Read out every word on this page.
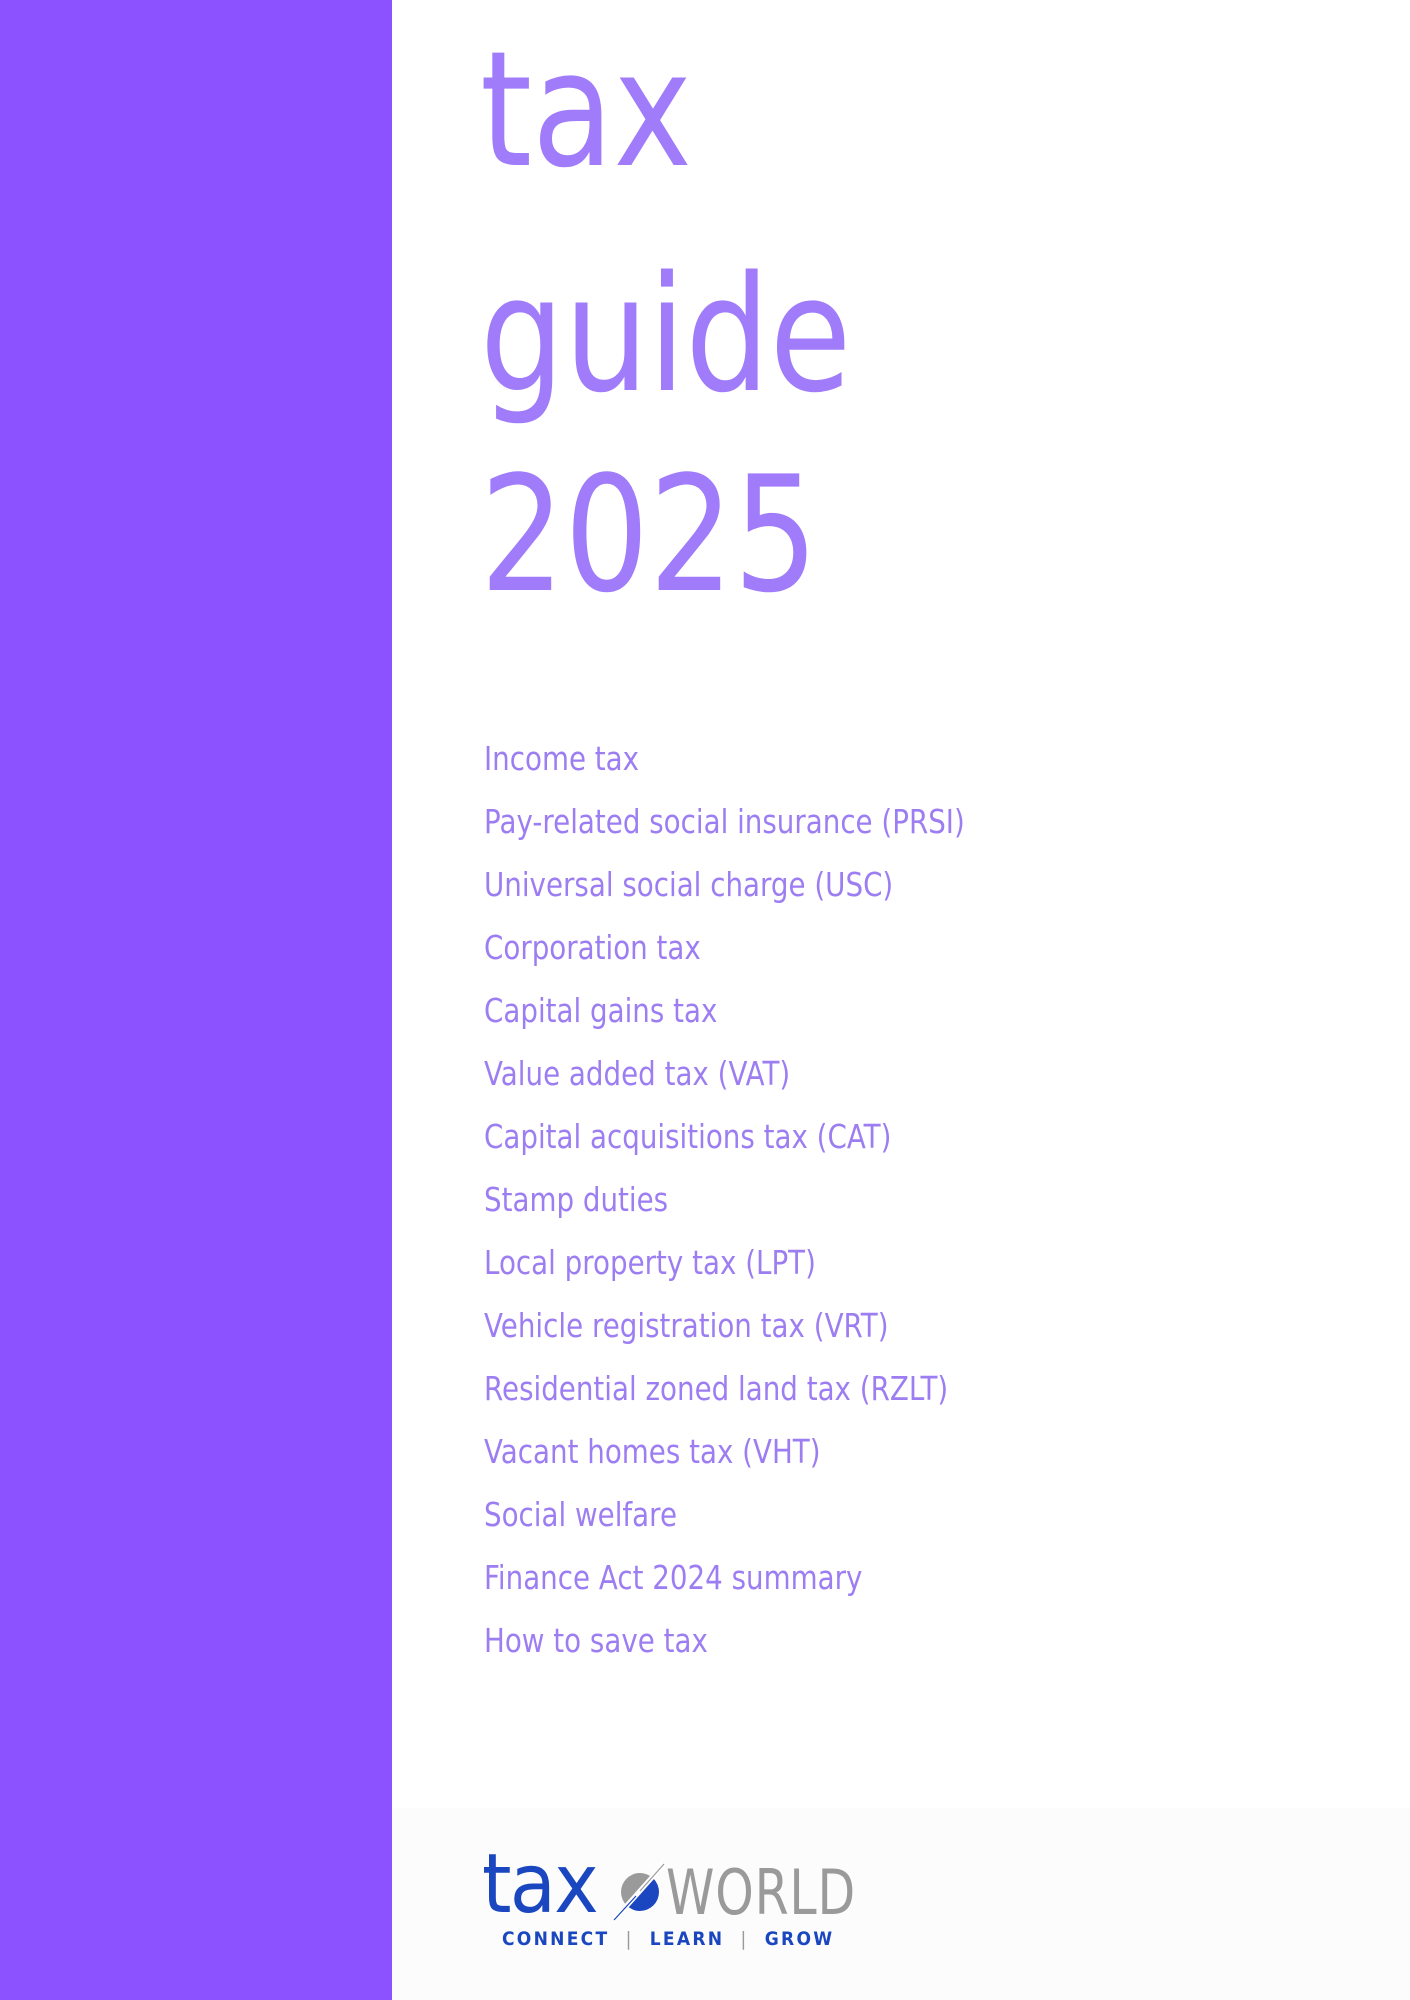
tax
guide
2025
Income tax
Pay-related social insurance (PRSI)
Universal social charge (USC)
Corporation tax
Capital gains tax
Value added tax (VAT)
Capital acquisitions tax (CAT)
Stamp duties
Local property tax (LPT)
Vehicle registration tax (VRT)
Residential zoned land tax (RZLT)
Vacant homes tax (VHT)
Social welfare
Finance Act 2024 summary
How to save tax
tax WORLD
CONNECT | LEARN | GROW
